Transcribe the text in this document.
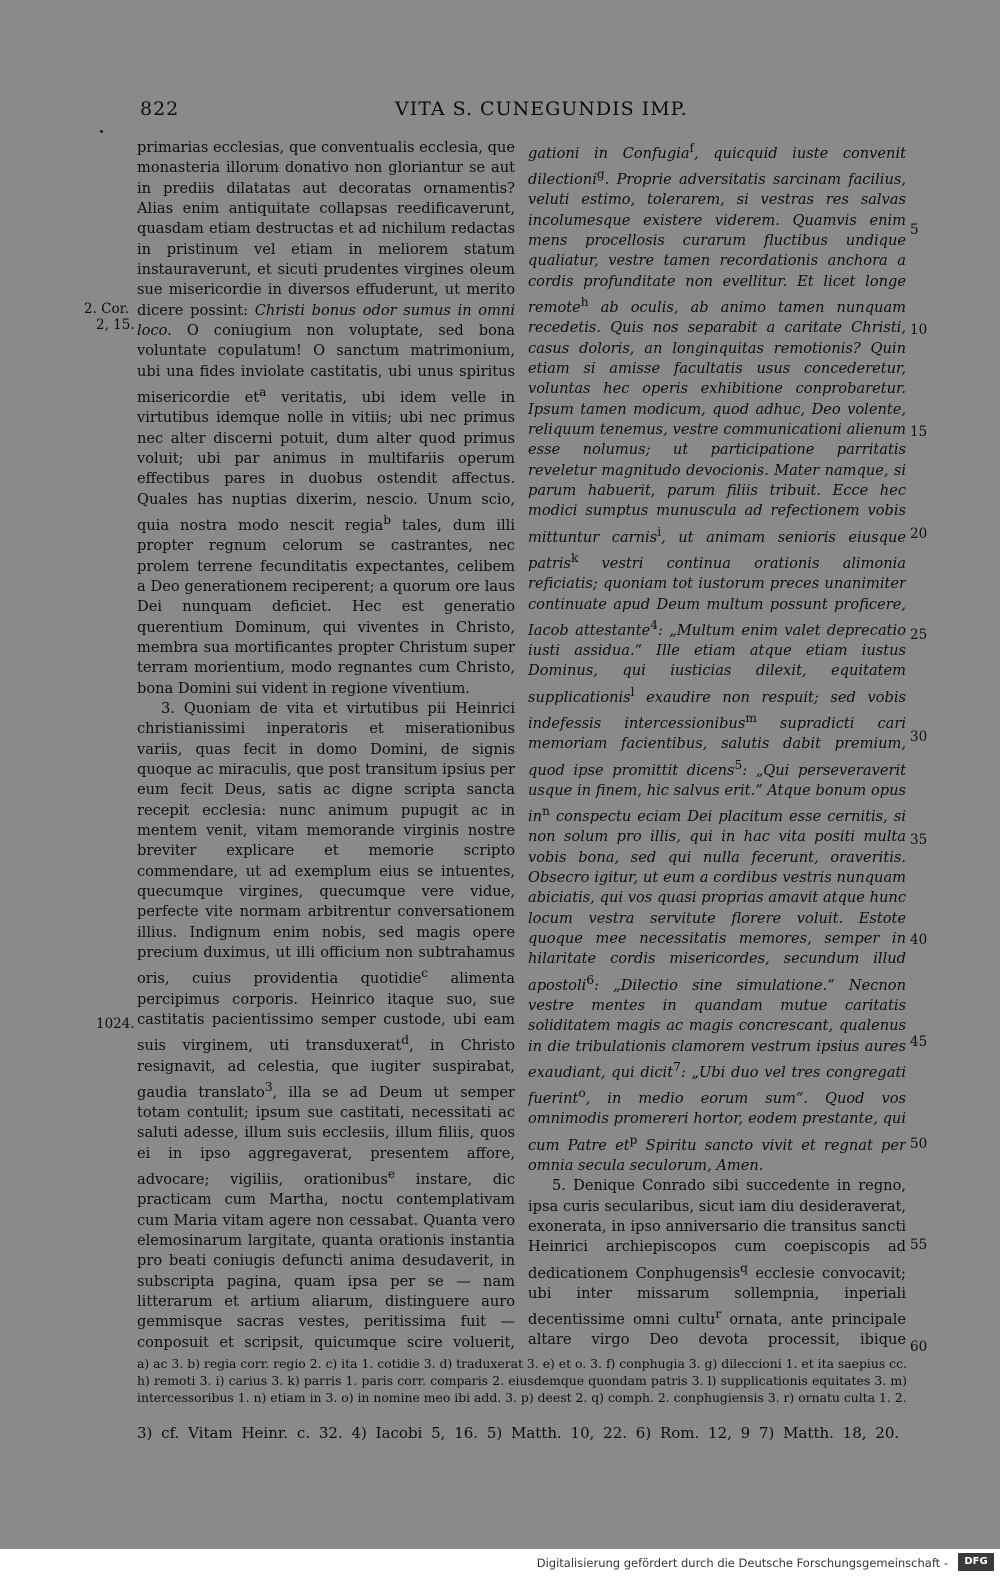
822	VITA S. CUNEGUNDIS IMP.
2. Cor.
2, 15.
1024.

primarias ecclesias, que conventualis ecclesia, que monasteria illorum donativo non gloriantur se aut in prediis dilatatas aut decoratas ornamentis? Alias enim antiquitate collapsas reedificaverunt, quasdam etiam destructas et ad nichilum redactas in pristinum vel etiam in meliorem statum instauraverunt, et sicuti prudentes virgines oleum sue misericordie in diversos effuderunt, ut merito dicere possint: Christi bonus odor sumus in omni loco. O coniugium non voluptate, sed bona voluntate copulatum! O sanctum matrimonium, ubi una fides inviolate castitatis, ubi unus spiritus misericordie $et^a$ veritatis, ubi idem velle in virtutibus idemque nolle in vitiis; ubi nec primus nec alter discerni potuit, dum alter quod primus voluit; ubi par animus in multifariis operum effectibus pares in duobus ostendit affectus. Quales has nuptias dixerim, nescio. Unum scio, quia nostra modo nescit regia$^b$ tales, dum illi propter regnum celorum se castrantes, nec prolem terrene fecunditatis expectantes, celibem a Deo generationem reciperent; a quorum ore laus Dei nunquam deficiet. Hec est generatio querentium Dominum, qui viventes in Christo, membra sua mortificantes propter Christum super terram morientium, modo regnantes cum Christo, bona Domini sui vident in regione viventium.

3. Quoniam de vita et virtutibus pii Heinrici christianissimi inperatoris et miserationibus variis, quas fecit in domo Domini, de signis quoque ac miraculis, que post transitum ipsius per eum fecit Deus, satis ac digne scripta sancta recepit ecclesia: nunc animum pupugit ac in mentem venit, vitam memorande virginis nostre breviter explicare et memorie scripto commendare, ut ad exemplum eius se intuentes, quecumque virgines, quecumque vere vidue, perfecte vite normam arbitrentur conversationem illius. Indignum enim nobis, sed magis opere precium duximus, ut illi officium non subtrahamus oris, cuius providentia quotidie$^c$ alimenta percipimus corporis. Heinrico itaque suo, sue castitatis pacientissimo semper custode, ubi eam suis virginem, uti transduxerat$^d$, in Christo resignavit, ad celestia, que iugiter suspirabat, gaudia translato$^3$, illa se ad Deum ut semper totam contulit; ipsum sue castitati, necessitati ac saluti adesse, illum suis ecclesiis, illum filiis, quos ei in ipso aggregaverat, presentem affore, advocare; vigiliis, orationibus$^e$ instare, dic practicam cum Martha, noctu contemplativam cum Maria vitam agere non cessabat. Quanta vero elemosinarum largitate, quanta orationis instantia pro beati coniugis defuncti anima desudaverit, in subscripta pagina, quam ipsa per se — nam litterarum et artium aliarum, distinguere auro gemmisque sacras vestes, peritissima fuit — conposuit et scripsit, quicumque scire voluerit,

gationi in Confugia$^f$, quicquid iuste convenit dilectioni$^g$. Proprie adversitatis sarcinam facilius, veluti estimo, tolerarem, si vestras res salvas incolumesque existere viderem. Quamvis enim mens procellosis curarum fluctibus undique qualiatur, vestre tamen recordationis anchora a cordis profunditate non evellitur. Et licet longe remote$^h$ ab oculis, ab animo tamen nunquam recedetis. Quis nos separabit a caritate Christi, casus doloris, an longinquitas remotionis? Quin etiam si amisse facultatis usus concederetur, voluntas hec operis exhibitione conprobaretur. Ipsum tamen modicum, quod adhuc, Deo volente, reliquum tenemus, vestre communicationi alienum esse nolumus; ut participatione parritatis reveletur magnitudo devocionis. Mater namque, si parum habuerit, parum filiis tribuit. Ecce hec modici sumptus munuscula ad refectionem vobis mittuntur carnis$^i$, ut animam senioris eiusque patris$^k$ vestri continua orationis alimonia reficiatis; quoniam tot iustorum preces unanimiter continuate apud Deum multum possunt proficere, Iacob attestante$^4$: „Multum enim valet deprecatio iusti assidua.“ Ille etiam atque etiam iustus Dominus, qui iusticias dilexit, equitatem supplicationis$^l$ exaudire non respuit; sed vobis indefessis intercessionibus$^m$ supradicti cari memoriam facientibus, salutis dabit premium, quod ipse promittit dicens$^5$: „Qui perseveraverit usque in finem, hic salvus erit.“ Atque bonum opus $in^n$ conspectu eciam Dei placitum esse cernitis, si non solum pro illis, qui in hac vita positi multa vobis bona, sed qui nulla fecerunt, oraveritis. Obsecro igitur, ut eum a cordibus vestris nunquam abiciatis, qui vos quasi proprias amavit atque hunc locum vestra servitute florere voluit. Estote quoque mee necessitatis memores, semper in hilaritate cordis misericordes, secundum illud apostoli$^6$: „Dilectio sine simulatione.“ Necnon vestre mentes in quandam mutue caritatis soliditatem magis ac magis concrescant, qualenus in die tribulationis clamorem vestrum ipsius aures exaudiant, qui dicit$^7$: „Ubi duo vel tres congregati fuerint$^o$, in medio eorum sum“. Quod vos omnimodis promereri hortor, eodem prestante, qui cum Patre $et^p$ Spiritu sancto vivit et regnat per omnia secula seculorum, Amen.

5. Denique Conrado sibi succedente in regno, ipsa curis secularibus, sicut iam diu desideraverat, exonerata, in ipso anniversario die transitus sancti Heinrici archiepiscopos cum coepiscopis ad dedicationem Conphugensis$^q$ ecclesie convocavit; ubi inter missarum sollempnia, inperiali decentissime omni cultu$^r$ ornata, ante principale altare virgo Deo devota processit, ibique

5
10
15
20
25
30
35
40
45
50
55
60

a) ac 3. b) regia corr. regio 2. c) ita 1. cotidie 3. d) traduxerat 3. e) et o. 3. f) conphugia 3. g) dileccioni 1. et ita saepius cc. h) remoti 3. i) carius 3. k) parris 1. paris corr. comparis 2. eiusdemque quondam patris 3. l) supplicationis equitates 3. m) intercessoribus 1. n) etiam in 3. o) in nomine meo ibi add. 3. p) deest 2. q) comph. 2. conphugiensis 3. r) ornatu culta 1. 2.

3) cf. Vitam Heinr. c. 32. 4) Iacobi 5, 16. 5) Matth. 10, 22. 6) Rom. 12, 9 7) Matth. 18, 20.
Digitalisierung gefördert durch die Deutsche Forschungsgemeinschaft -	DFG
